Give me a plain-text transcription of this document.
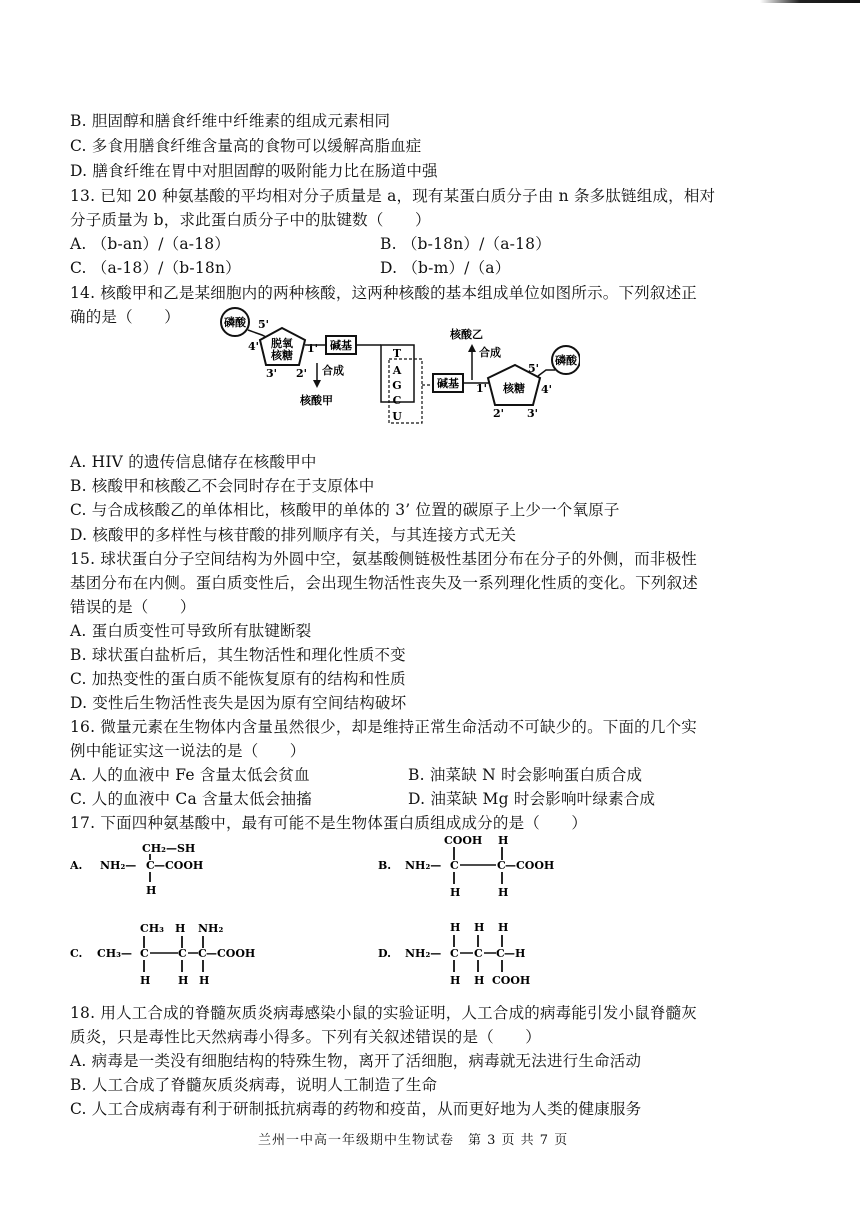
B. 胆固醇和膳食纤维中纤维素的组成元素相同
C. 多食用膳食纤维含量高的食物可以缓解高脂血症
D. 膳食纤维在胃中对胆固醇的吸附能力比在肠道中强
13. 已知 20 种氨基酸的平均相对分子质量是 a，现有某蛋白质分子由 n 条多肽链组成，相对
分子质量为 b，求此蛋白质分子中的肽键数（　　）
A. （b-an）/（a-18）	B. （b-18n）/（a-18）
C. （a-18）/（b-18n）	D. （b-m）/（a）
14. 核酸甲和乙是某细胞内的两种核酸，这两种核酸的基本组成单位如图所示。下列叙述正
确的是（　　）	磷酸 5'
脱氧
核糖
4'
3' 2'
1' 碱基
合成
核酸甲
T
A
G
C
U
碱基
合成
核酸乙
核糖
1'	4'
2' 3'
5'
磷酸
A. HIV 的遗传信息储存在核酸甲中
B. 核酸甲和核酸乙不会同时存在于支原体中
C. 与合成核酸乙的单体相比，核酸甲的单体的 3’ 位置的碳原子上少一个氧原子
D. 核酸甲的多样性与核苷酸的排列顺序有关，与其连接方式无关
15. 球状蛋白分子空间结构为外圆中空，氨基酸侧链极性基团分布在分子的外侧，而非极性
基团分布在内侧。蛋白质变性后，会出现生物活性丧失及一系列理化性质的变化。下列叙述
错误的是（　　）
A. 蛋白质变性可导致所有肽键断裂
B. 球状蛋白盐析后，其生物活性和理化性质不变
C. 加热变性的蛋白质不能恢复原有的结构和性质
D. 变性后生物活性丧失是因为原有空间结构破坏
16. 微量元素在生物体内含量虽然很少，却是维持正常生命活动不可缺少的。下面的几个实
例中能证实这一说法的是（　　）
A. 人的血液中 Fe 含量太低会贫血	B. 油菜缺 N 时会影响蛋白质合成
C. 人的血液中 Ca 含量太低会抽搐	D. 油菜缺 Mg 时会影响叶绿素合成
17. 下面四种氨基酸中，最有可能不是生物体蛋白质组成成分的是（　　）
A.
CH₂—SH
NH₂— C —COOH
H
B. NH₂— C	C —COOH
COOH H
H	H
C. CH₃— C	C C —COOH
CH₃ H NH₂
H	H H
D. NH₂— C C C —H
H H H
H H COOH
18. 用人工合成的脊髓灰质炎病毒感染小鼠的实验证明，人工合成的病毒能引发小鼠脊髓灰
质炎，只是毒性比天然病毒小得多。下列有关叙述错误的是（　　）
A. 病毒是一类没有细胞结构的特殊生物，离开了活细胞，病毒就无法进行生命活动
B. 人工合成了脊髓灰质炎病毒，说明人工制造了生命
C. 人工合成病毒有利于研制抵抗病毒的药物和疫苗，从而更好地为人类的健康服务
兰州一中高一年级期中生物试卷　第 3 页 共 7 页
